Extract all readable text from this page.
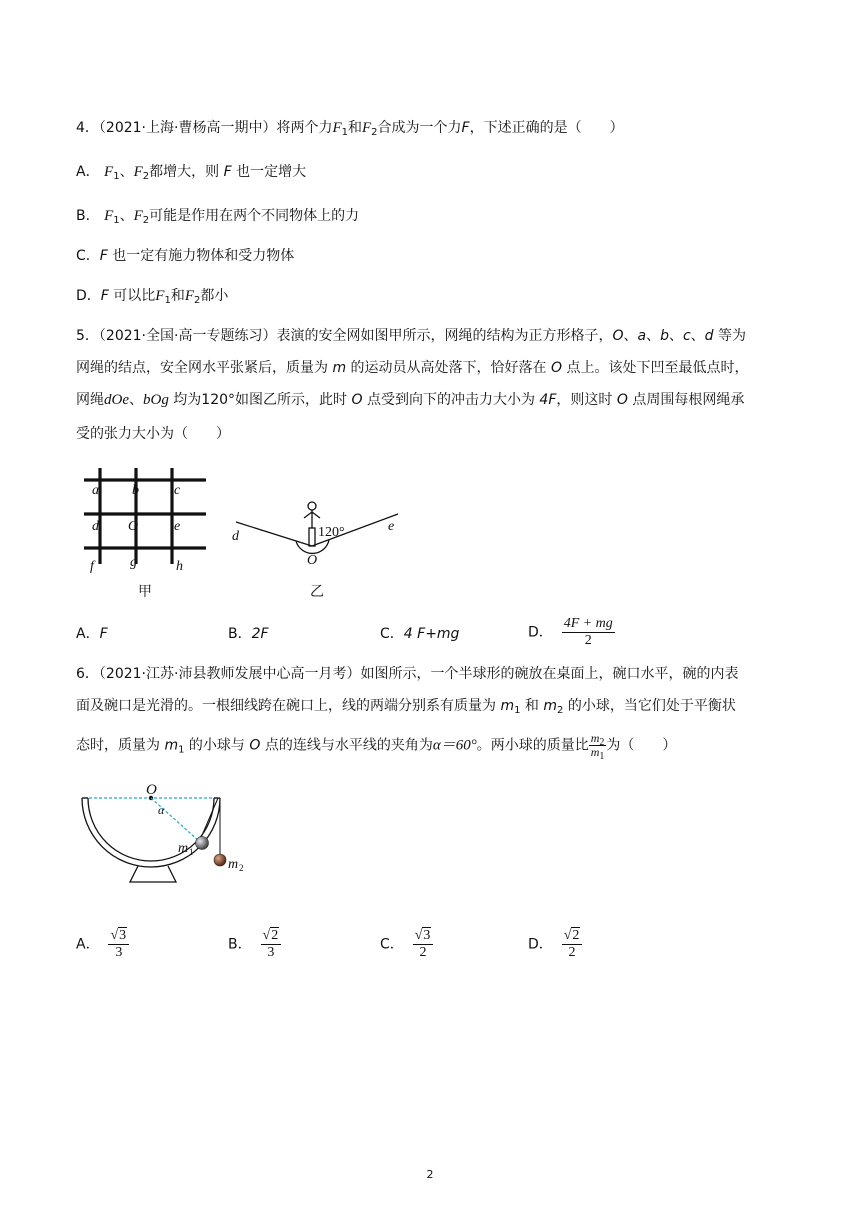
4．（2021·上海·曹杨高一期中）将两个力$F_1$和$F_2$合成为一个力F，下述正确的是（　　）
A． $F_1$、$F_2$都增大，则 F 也一定增大
B． $F_1$、$F_2$可能是作用在两个不同物体上的力
C．F 也一定有施力物体和受力物体
D．F 可以比$F_1$和$F_2$都小
5．（2021·全国·高一专题练习）表演的安全网如图甲所示，网绳的结构为正方形格子，O、a、b、c、d 等为
网绳的结点，安全网水平张紧后，质量为 m 的运动员从高处落下，恰好落在 O 点上。该处下凹至最低点时，
网绳dOe、bOg 均为120°如图乙所示，此时 O 点受到向下的冲击力大小为 4F，则这时 O 点周围每根网绳承
受的张力大小为（　　）
a b	c
d O	e
f	g	h
甲
d
e
O
120°
乙
A．F	B．2F	C．4 F+mg	D． $\frac{4F + mg}{2}$
6．（2021·江苏·沛县教师发展中心高一月考）如图所示，一个半球形的碗放在桌面上，碗口水平，碗的内表
面及碗口是光滑的。一根细线跨在碗口上，线的两端分别系有质量为 $m_1$ 和 $m_2$ 的小球，当它们处于平衡状
态时，质量为 $m_1$ 的小球与 O 点的连线与水平线的夹角为α＝60°。两小球的质量比 $\frac{m_2}{m_1}$ 为（　　）
O
α
m 1
m 2
A． $\frac{√3}{3}$	B． $\frac{√2}{3}$	C． $\frac{√3}{2}$	D． $\frac{√2}{2}$
2
